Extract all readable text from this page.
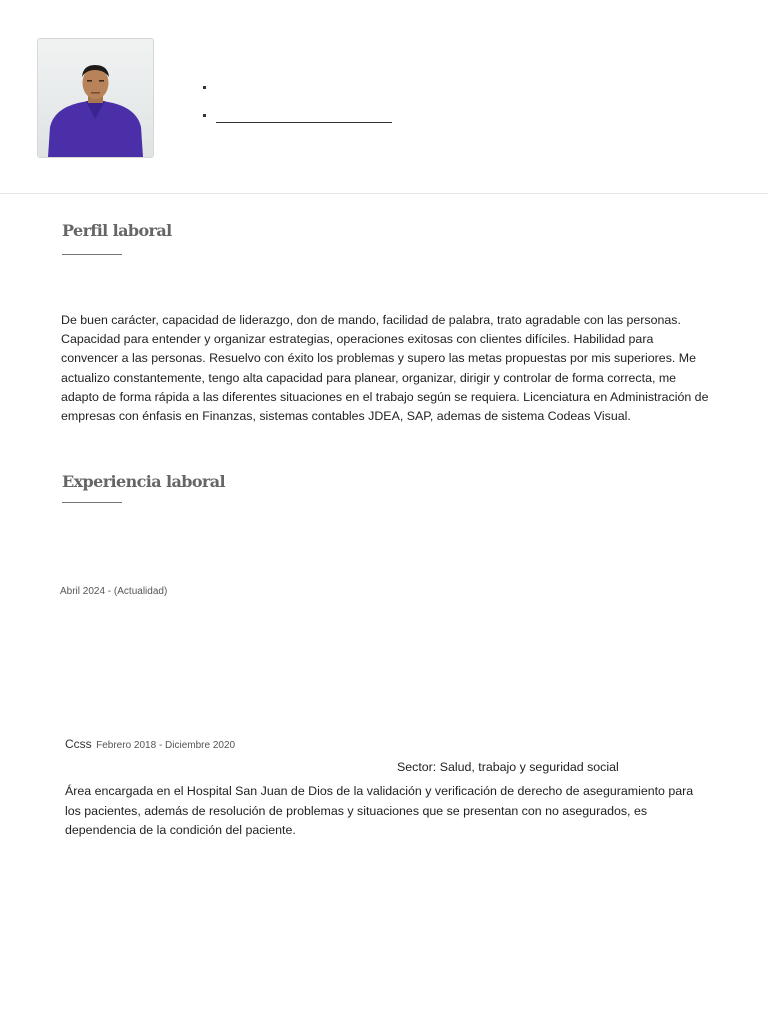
Perfil laboral

De buen carácter, capacidad de liderazgo, don de mando, facilidad de palabra, trato agradable con las personas. Capacidad para entender y organizar estrategias, operaciones exitosas con clientes difíciles. Habilidad para convencer a las personas. Resuelvo con éxito los problemas y supero las metas propuestas por mis superiores. Me actualizo constantemente, tengo alta capacidad para planear, organizar, dirigir y controlar de forma correcta, me adapto de forma rápida a las diferentes situaciones en el trabajo según se requiera. Licenciatura en Administración de empresas con énfasis en Finanzas, sistemas contables JDEA, SAP, ademas de sistema Codeas Visual.

Experiencia laboral
Abril 2024 - (Actualidad)
Ccss Febrero 2018 - Diciembre 2020
Sector: Salud, trabajo y seguridad social

Área encargada en el Hospital San Juan de Dios de la validación y verificación de derecho de aseguramiento para los pacientes, además de resolución de problemas y situaciones que se presentan con no asegurados, es dependencia de la condición del paciente.
